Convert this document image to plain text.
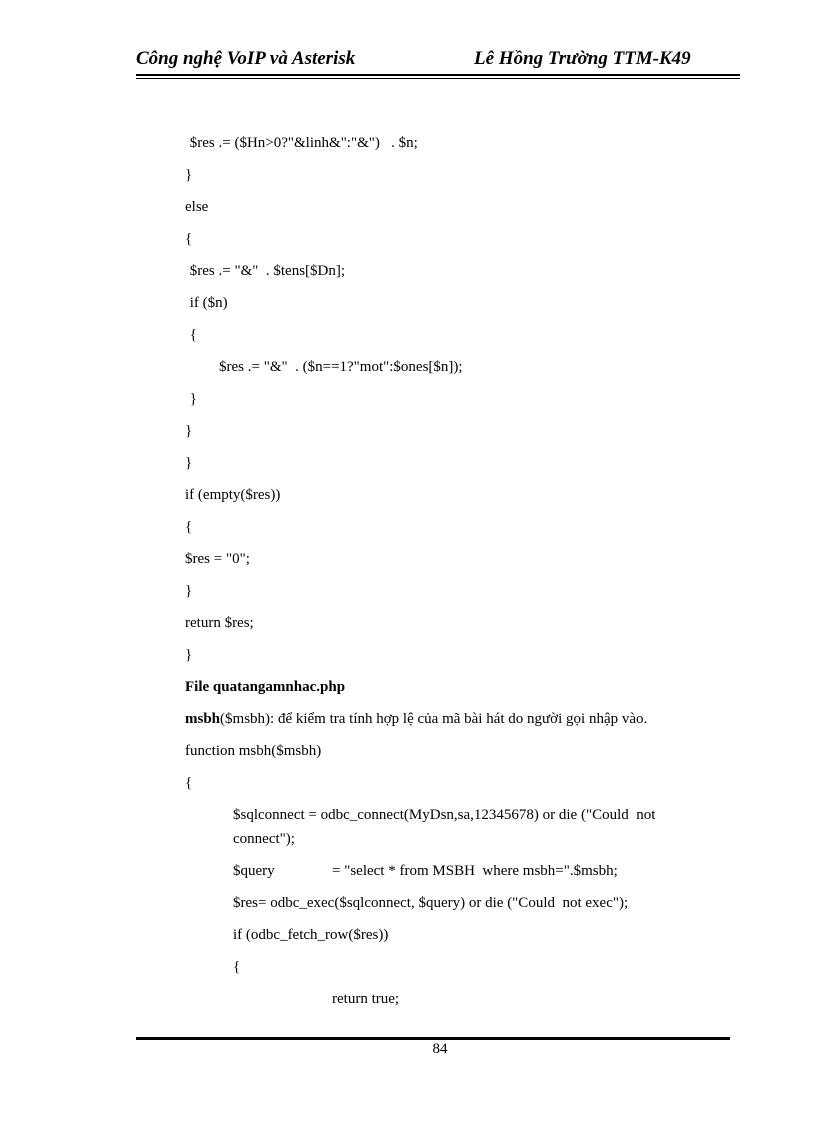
Công nghệ VoIP và Asterisk	Lê Hồng Trường TTM-K49
$res .= ($Hn>0?"&linh&":"&")   . $n;
}
else
{
$res .= "&"  . $tens[$Dn];
if ($n)
{
$res .= "&"  . ($n==1?"mot":$ones[$n]);
}
}
}
if (empty($res))
{
$res = "0";
}
return $res;
}
File quatangamnhac.php
msbh($msbh): để kiểm tra tính hợp lệ của mã bài hát do người gọi nhập vào.
function msbh($msbh)
{
$sqlconnect = odbc_connect(MyDsn,sa,12345678) or die ("Could  not
connect");
$query	= "select * from MSBH  where msbh=".$msbh;
$res= odbc_exec($sqlconnect, $query) or die ("Could  not exec");
if (odbc_fetch_row($res))
{
return true;
84
